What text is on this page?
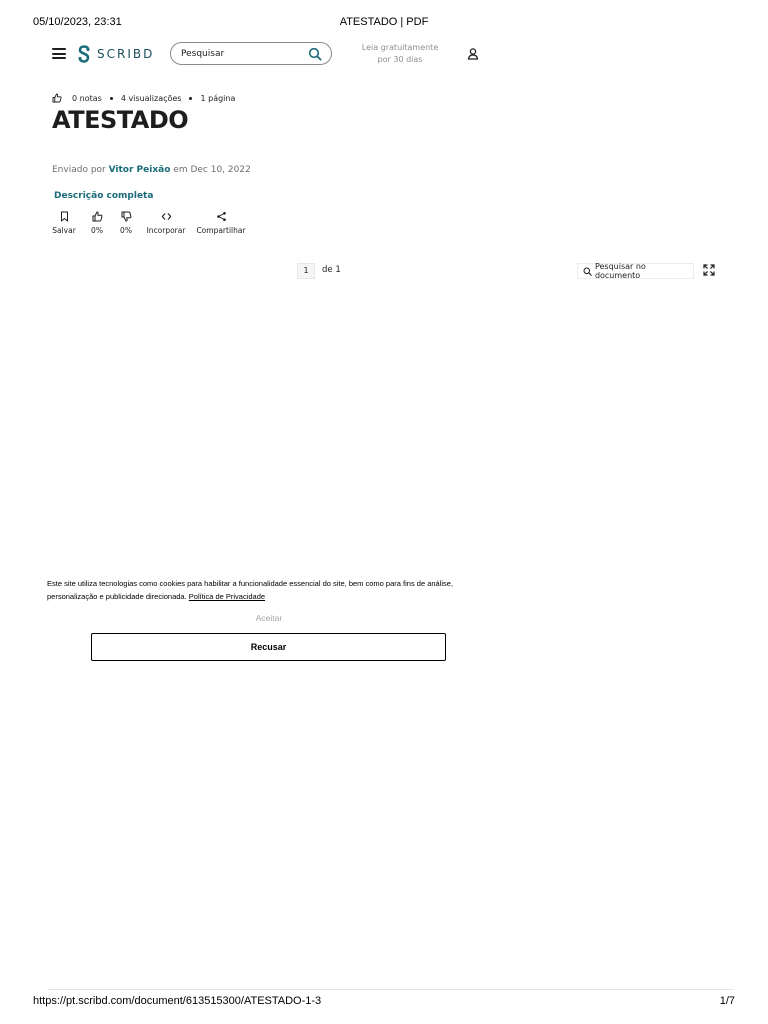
05/10/2023, 23:31	ATESTADO | PDF
SCRIBD
Pesquisar	Leia gratuitamente
por 30 dias
0 notas 4 visualizações 1 página
ATESTADO
Enviado por Vitor Peixão em Dec 10, 2022
Descrição completa
Salvar 0% 0% Incorporar Compartilhar
1	de 1	Pesquisar no documento
Este site utiliza tecnologias como cookies para habilitar a funcionalidade essencial do site, bem como para fins de análise, personalização e publicidade direcionada. Política de Privacidade
Aceitar
Recusar
https://pt.scribd.com/document/613515300/ATESTADO-1-3	1/7
